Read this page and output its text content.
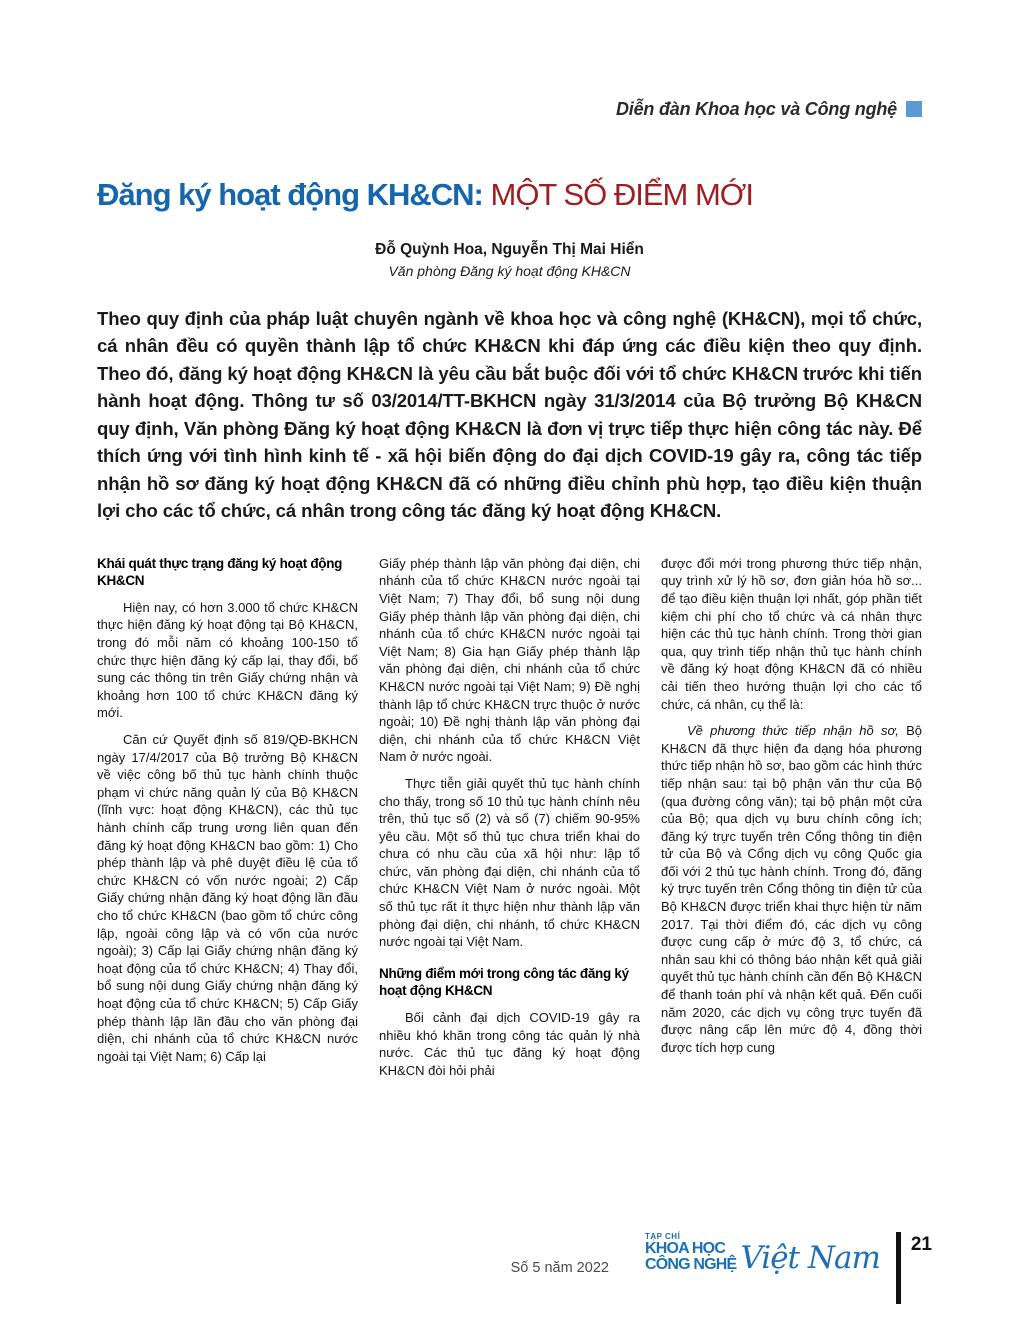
Diễn đàn Khoa học và Công nghệ
Đăng ký hoạt động KH&CN: MỘT SỐ ĐIỂM MỚI
Đỗ Quỳnh Hoa, Nguyễn Thị Mai Hiển
Văn phòng Đăng ký hoạt động KH&CN

Theo quy định của pháp luật chuyên ngành về khoa học và công nghệ (KH&CN), mọi tổ chức, cá nhân đều có quyền thành lập tổ chức KH&CN khi đáp ứng các điều kiện theo quy định. Theo đó, đăng ký hoạt động KH&CN là yêu cầu bắt buộc đối với tổ chức KH&CN trước khi tiến hành hoạt động. Thông tư số 03/2014/TT-BKHCN ngày 31/3/2014 của Bộ trưởng Bộ KH&CN quy định, Văn phòng Đăng ký hoạt động KH&CN là đơn vị trực tiếp thực hiện công tác này. Để thích ứng với tình hình kinh tế - xã hội biến động do đại dịch COVID-19 gây ra, công tác tiếp nhận hồ sơ đăng ký hoạt động KH&CN đã có những điều chỉnh phù hợp, tạo điều kiện thuận lợi cho các tổ chức, cá nhân trong công tác đăng ký hoạt động KH&CN.

Khái quát thực trạng đăng ký hoạt động KH&CN

Hiện nay, có hơn 3.000 tổ chức KH&CN thực hiện đăng ký hoạt động tại Bộ KH&CN, trong đó mỗi năm có khoảng 100-150 tổ chức thực hiện đăng ký cấp lại, thay đổi, bổ sung các thông tin trên Giấy chứng nhận và khoảng hơn 100 tổ chức KH&CN đăng ký mới.

Căn cứ Quyết định số 819/QĐ-BKHCN ngày 17/4/2017 của Bộ trưởng Bộ KH&CN về việc công bố thủ tục hành chính thuộc phạm vi chức năng quản lý của Bộ KH&CN (lĩnh vực: hoạt động KH&CN), các thủ tục hành chính cấp trung ương liên quan đến đăng ký hoạt động KH&CN bao gồm: 1) Cho phép thành lập và phê duyệt điều lệ của tổ chức KH&CN có vốn nước ngoài; 2) Cấp Giấy chứng nhận đăng ký hoạt động lần đầu cho tổ chức KH&CN (bao gồm tổ chức công lập, ngoài công lập và có vốn của nước ngoài); 3) Cấp lại Giấy chứng nhận đăng ký hoạt động của tổ chức KH&CN; 4) Thay đổi, bổ sung nội dung Giấy chứng nhận đăng ký hoạt động của tổ chức KH&CN; 5) Cấp Giấy phép thành lập lần đầu cho văn phòng đại diện, chi nhánh của tổ chức KH&CN nước ngoài tại Việt Nam; 6) Cấp lại

Giấy phép thành lập văn phòng đại diện, chi nhánh của tổ chức KH&CN nước ngoài tại Việt Nam; 7) Thay đổi, bổ sung nội dung Giấy phép thành lập văn phòng đại diện, chi nhánh của tổ chức KH&CN nước ngoài tại Việt Nam; 8) Gia hạn Giấy phép thành lập văn phòng đại diện, chi nhánh của tổ chức KH&CN nước ngoài tại Việt Nam; 9) Đề nghị thành lập tổ chức KH&CN trực thuộc ở nước ngoài; 10) Đề nghị thành lập văn phòng đại diện, chi nhánh của tổ chức KH&CN Việt Nam ở nước ngoài.

Thực tiễn giải quyết thủ tục hành chính cho thấy, trong số 10 thủ tục hành chính nêu trên, thủ tục số (2) và số (7) chiếm 90-95% yêu cầu. Một số thủ tục chưa triển khai do chưa có nhu cầu của xã hội như: lập tổ chức, văn phòng đại diện, chi nhánh của tổ chức KH&CN Việt Nam ở nước ngoài. Một số thủ tục rất ít thực hiện như thành lập văn phòng đại diện, chi nhánh, tổ chức KH&CN nước ngoài tại Việt Nam.

Những điểm mới trong công tác đăng ký hoạt động KH&CN

Bối cảnh đại dịch COVID-19 gây ra nhiều khó khăn trong công tác quản lý nhà nước. Các thủ tục đăng ký hoạt động KH&CN đòi hỏi phải

được đổi mới trong phương thức tiếp nhận, quy trình xử lý hồ sơ, đơn giản hóa hồ sơ... để tạo điều kiện thuận lợi nhất, góp phần tiết kiệm chi phí cho tổ chức và cá nhân thực hiện các thủ tục hành chính. Trong thời gian qua, quy trình tiếp nhận thủ tục hành chính về đăng ký hoạt động KH&CN đã có nhiều cải tiến theo hướng thuận lợi cho các tổ chức, cá nhân, cụ thể là:

Về phương thức tiếp nhận hồ sơ, Bộ KH&CN đã thực hiện đa dạng hóa phương thức tiếp nhận hồ sơ, bao gồm các hình thức tiếp nhận sau: tại bộ phận văn thư của Bộ (qua đường công văn); tại bộ phận một cửa của Bộ; qua dịch vụ bưu chính công ích; đăng ký trực tuyến trên Cổng thông tin điện tử của Bộ và Cổng dịch vụ công Quốc gia đối với 2 thủ tục hành chính. Trong đó, đăng ký trực tuyến trên Cổng thông tin điện tử của Bộ KH&CN được triển khai thực hiện từ năm 2017. Tại thời điểm đó, các dịch vụ công được cung cấp ở mức độ 3, tổ chức, cá nhân sau khi có thông báo nhận kết quả giải quyết thủ tục hành chính cần đến Bộ KH&CN để thanh toán phí và nhận kết quả. Đến cuối năm 2020, các dịch vụ công trực tuyến đã được nâng cấp lên mức độ 4, đồng thời được tích hợp cung

Số 5 năm 2022
TẠP CHÍ
KHOA HỌC
CÔNG NGHỆ Việt Nam 21
